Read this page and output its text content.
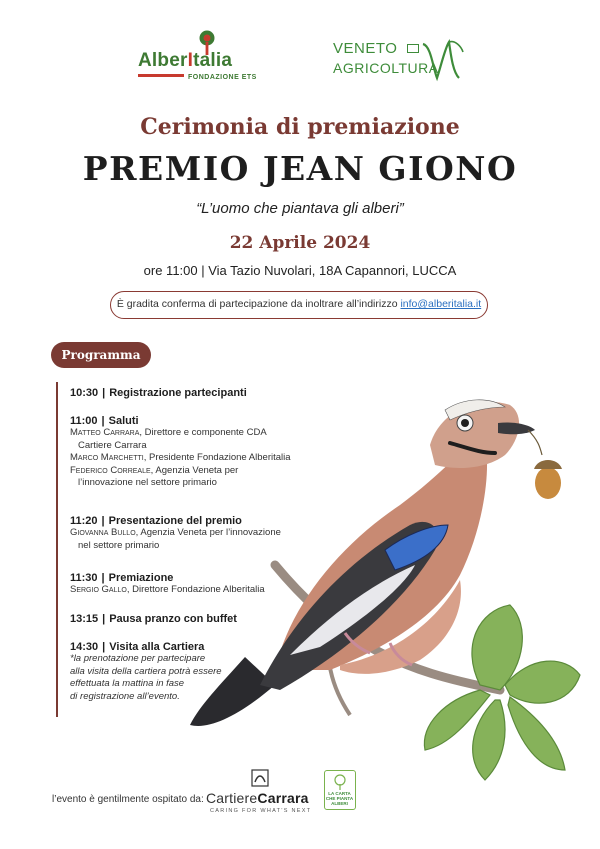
AlberItalia
FONDAZIONE ETS
VENETO
AGRICOLTURA
Cerimonia di premiazione
PREMIO JEAN GIONO
“L’uomo che piantava gli alberi”
22 Aprile 2024
ore 11:00 | Via Tazio Nuvolari, 18A Capannori, LUCCA
È gradita conferma di partecipazione da inoltrare all’indirizzo info@alberitalia.it
Programma
10:30 | Registrazione partecipanti
11:00 | Saluti
Matteo Carrara, Direttore e componente CDA
Cartiere Carrara
Marco Marchetti, Presidente Fondazione Alberitalia
Federico Correale, Agenzia Veneta per
l’innovazione nel settore primario
11:20 | Presentazione del premio
Giovanna Bullo, Agenzia Veneta per l’innovazione
nel settore primario
11:30 | Premiazione
Sergio Gallo, Direttore Fondazione Alberitalia
13:15 | Pausa pranzo con buffet
14:30 | Visita alla Cartiera
*la prenotazione per partecipare
alla visita della cartiera potrà essere
effettuata la mattina in fase
di registrazione all’evento.
l’evento è gentilmente ospitato da: CartiereCarrara
CARING FOR WHAT'S NEXT
LA CARTA
CHE PIANTA
ALBERI
